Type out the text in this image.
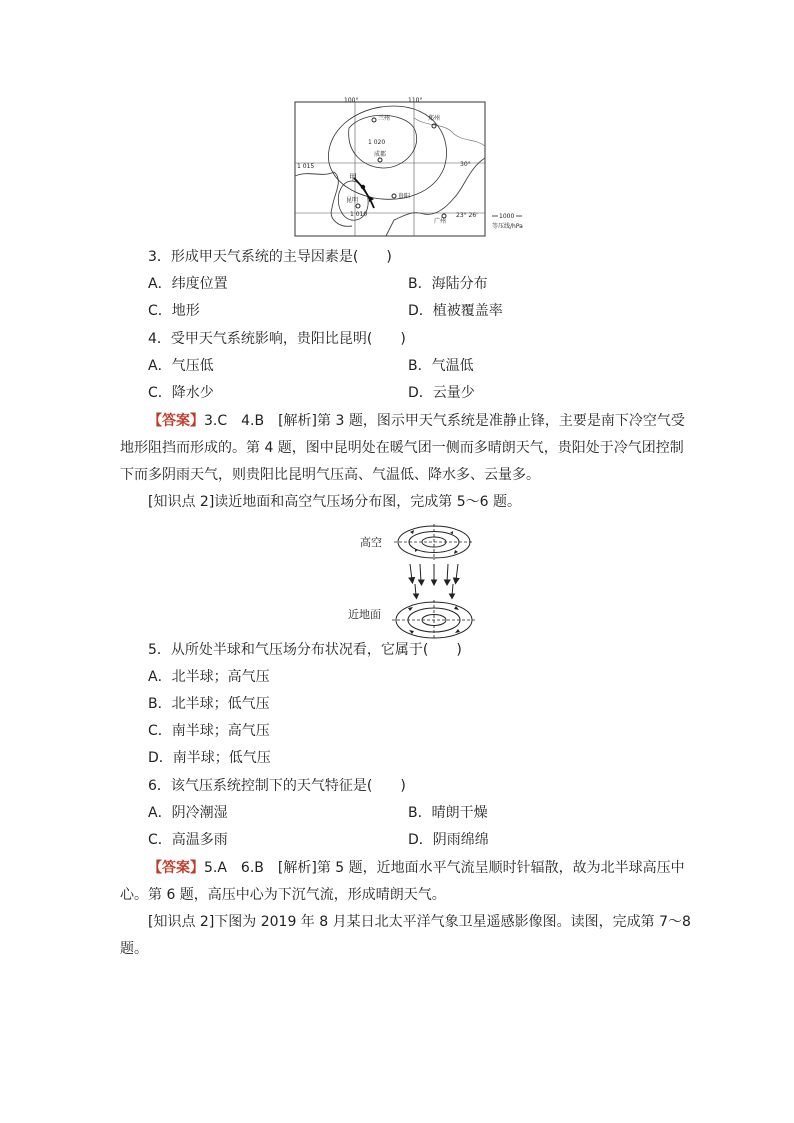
100°	110°
30°
23° 26'
兰州	郑州
成都
贵阳
昆明
广州
1 020
1 015
1 010
甲
1000
等压线/hPa
3．形成甲天气系统的主导因素是(　　)
A．纬度位置	B．海陆分布
C．地形	D．植被覆盖率
4．受甲天气系统影响，贵阳比昆明(　　)
A．气压低	B．气温低
C．降水少	D．云量少
【答案】3.C　4.B　[解析]第 3 题，图示甲天气系统是准静止锋，主要是南下冷空气受
地形阻挡而形成的。第 4 题，图中昆明处在暖气团一侧而多晴朗天气，贵阳处于冷气团控制
下而多阴雨天气，则贵阳比昆明气压高、气温低、降水多、云量多。
[知识点 2]读近地面和高空气压场分布图，完成第 5～6 题。
高空
近地面
5．从所处半球和气压场分布状况看，它属于(　　)
A．北半球；高气压
B．北半球；低气压
C．南半球；高气压
D．南半球；低气压
6．该气压系统控制下的天气特征是(　　)
A．阴冷潮湿	B．晴朗干燥
C．高温多雨	D．阴雨绵绵
【答案】5.A　6.B　[解析]第 5 题，近地面水平气流呈顺时针辐散，故为北半球高压中
心。第 6 题，高压中心为下沉气流，形成晴朗天气。
[知识点 2]下图为 2019 年 8 月某日北太平洋气象卫星遥感影像图。读图，完成第 7～8
题。
